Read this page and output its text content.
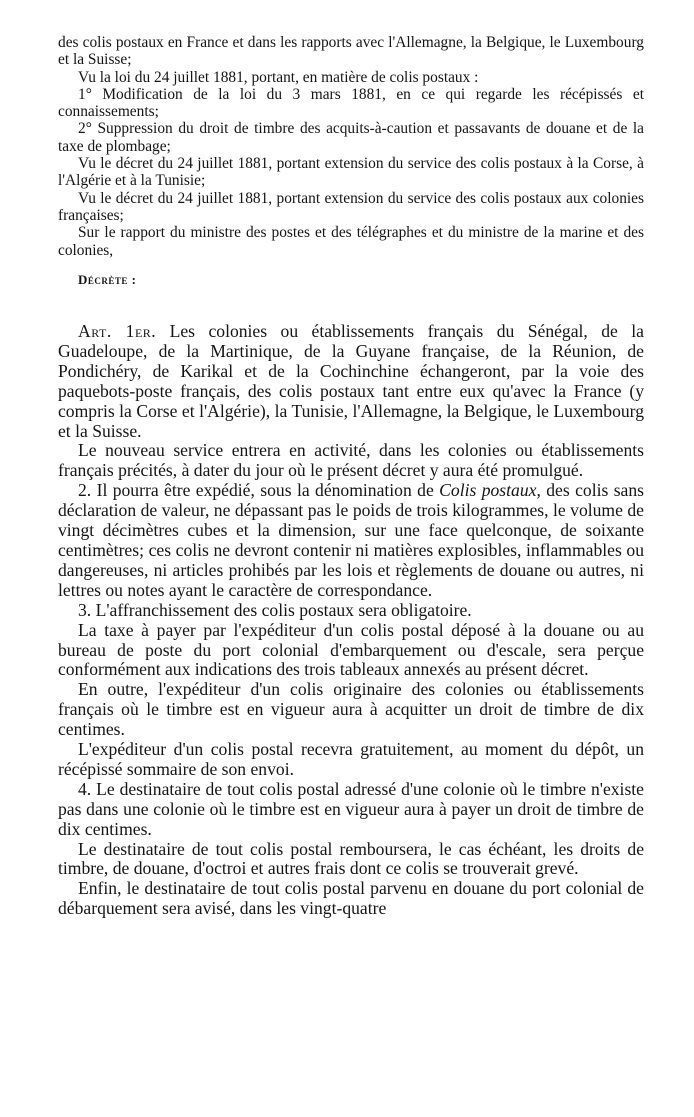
des colis postaux en France et dans les rapports avec l'Allemagne, la Belgique, le Luxembourg et la Suisse;

Vu la loi du 24 juillet 1881, portant, en matière de colis postaux :

1° Modification de la loi du 3 mars 1881, en ce qui regarde les récépissés et connaissements;

2° Suppression du droit de timbre des acquits-à-caution et passavants de douane et de la taxe de plombage;

Vu le décret du 24 juillet 1881, portant extension du service des colis postaux à la Corse, à l'Algérie et à la Tunisie;

Vu le décret du 24 juillet 1881, portant extension du service des colis postaux aux colonies françaises;

Sur le rapport du ministre des postes et des télégraphes et du ministre de la marine et des colonies,

Décrète :

Art. 1er. Les colonies ou établissements français du Sénégal, de la Guadeloupe, de la Martinique, de la Guyane française, de la Réunion, de Pondichéry, de Karikal et de la Cochinchine échangeront, par la voie des paquebots-poste français, des colis postaux tant entre eux qu'avec la France (y compris la Corse et l'Algérie), la Tunisie, l'Allemagne, la Belgique, le Luxembourg et la Suisse.

Le nouveau service entrera en activité, dans les colonies ou établissements français précités, à dater du jour où le présent décret y aura été promulgué.

2. Il pourra être expédié, sous la dénomination de Colis postaux, des colis sans déclaration de valeur, ne dépassant pas le poids de trois kilogrammes, le volume de vingt décimètres cubes et la dimension, sur une face quelconque, de soixante centimètres; ces colis ne devront contenir ni matières explosibles, inflammables ou dangereuses, ni articles prohibés par les lois et règlements de douane ou autres, ni lettres ou notes ayant le caractère de correspondance.

3. L'affranchissement des colis postaux sera obligatoire.

La taxe à payer par l'expéditeur d'un colis postal déposé à la douane ou au bureau de poste du port colonial d'embarquement ou d'escale, sera perçue conformément aux indications des trois tableaux annexés au présent décret.

En outre, l'expéditeur d'un colis originaire des colonies ou établissements français où le timbre est en vigueur aura à acquitter un droit de timbre de dix centimes.

L'expéditeur d'un colis postal recevra gratuitement, au moment du dépôt, un récépissé sommaire de son envoi.

4. Le destinataire de tout colis postal adressé d'une colonie où le timbre n'existe pas dans une colonie où le timbre est en vigueur aura à payer un droit de timbre de dix centimes.

Le destinataire de tout colis postal remboursera, le cas échéant, les droits de timbre, de douane, d'octroi et autres frais dont ce colis se trouverait grevé.

Enfin, le destinataire de tout colis postal parvenu en douane du port colonial de débarquement sera avisé, dans les vingt-quatre
